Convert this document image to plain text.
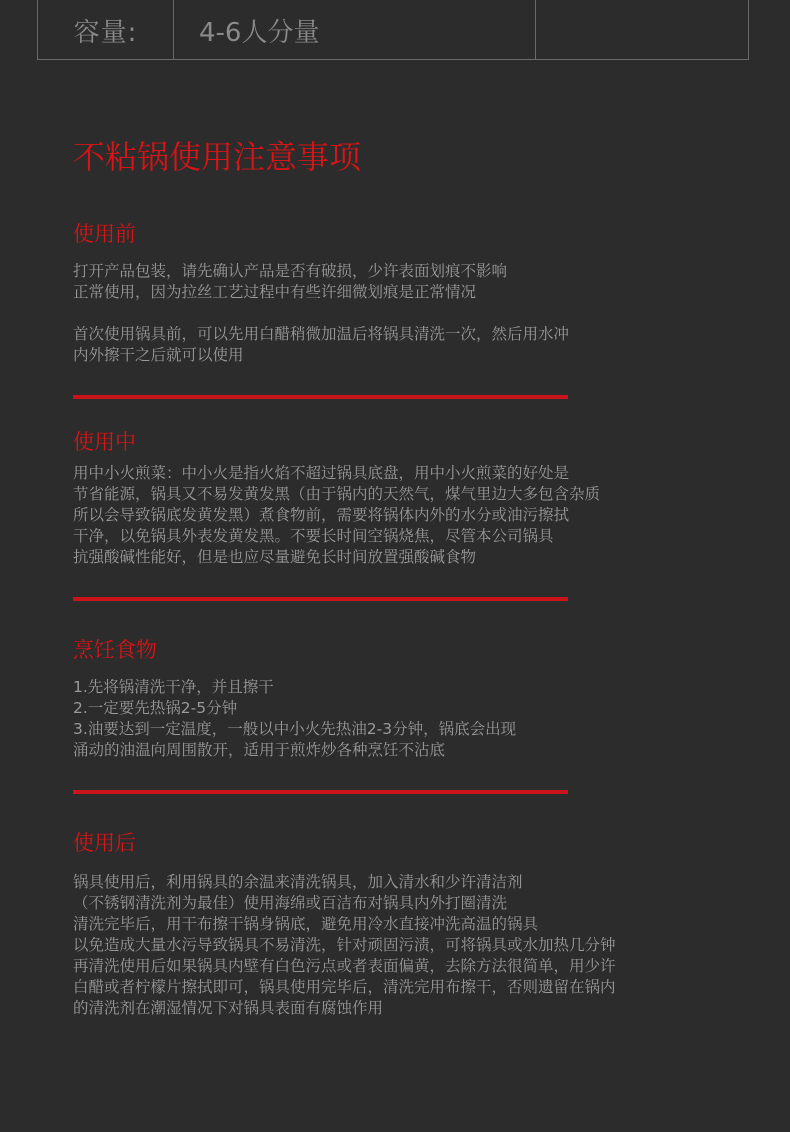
容量:	4-6人分量
不粘锅使用注意事项
使用前

打开产品包装，请先确认产品是否有破损，少许表面划痕不影响
正常使用，因为拉丝工艺过程中有些许细微划痕是正常情况

首次使用锅具前，可以先用白醋稍微加温后将锅具清洗一次，然后用水冲
内外擦干之后就可以使用

使用中

用中小火煎菜：中小火是指火焰不超过锅具底盘，用中小火煎菜的好处是
节省能源，锅具又不易发黄发黑（由于锅内的天然气，煤气里边大多包含杂质
所以会导致锅底发黄发黑）煮食物前，需要将锅体内外的水分或油污擦拭
干净，以免锅具外表发黄发黑。不要长时间空锅烧焦，尽管本公司锅具
抗强酸碱性能好，但是也应尽量避免长时间放置强酸碱食物

烹饪食物

1.先将锅清洗干净，并且擦干
2.一定要先热锅2-5分钟
3.油要达到一定温度，一般以中小火先热油2-3分钟，锅底会出现
涌动的油温向周围散开，适用于煎炸炒各种烹饪不沾底

使用后

锅具使用后，利用锅具的余温来清洗锅具，加入清水和少许清洁剂
（不锈钢清洗剂为最佳）使用海绵或百洁布对锅具内外打圈清洗
清洗完毕后，用干布擦干锅身锅底，避免用冷水直接冲洗高温的锅具
以免造成大量水污导致锅具不易清洗，针对顽固污渍，可将锅具或水加热几分钟
再清洗使用后如果锅具内壁有白色污点或者表面偏黄，去除方法很简单，用少许
白醋或者柠檬片擦拭即可，锅具使用完毕后，清洗完用布擦干，否则遗留在锅内
的清洗剂在潮湿情况下对锅具表面有腐蚀作用
